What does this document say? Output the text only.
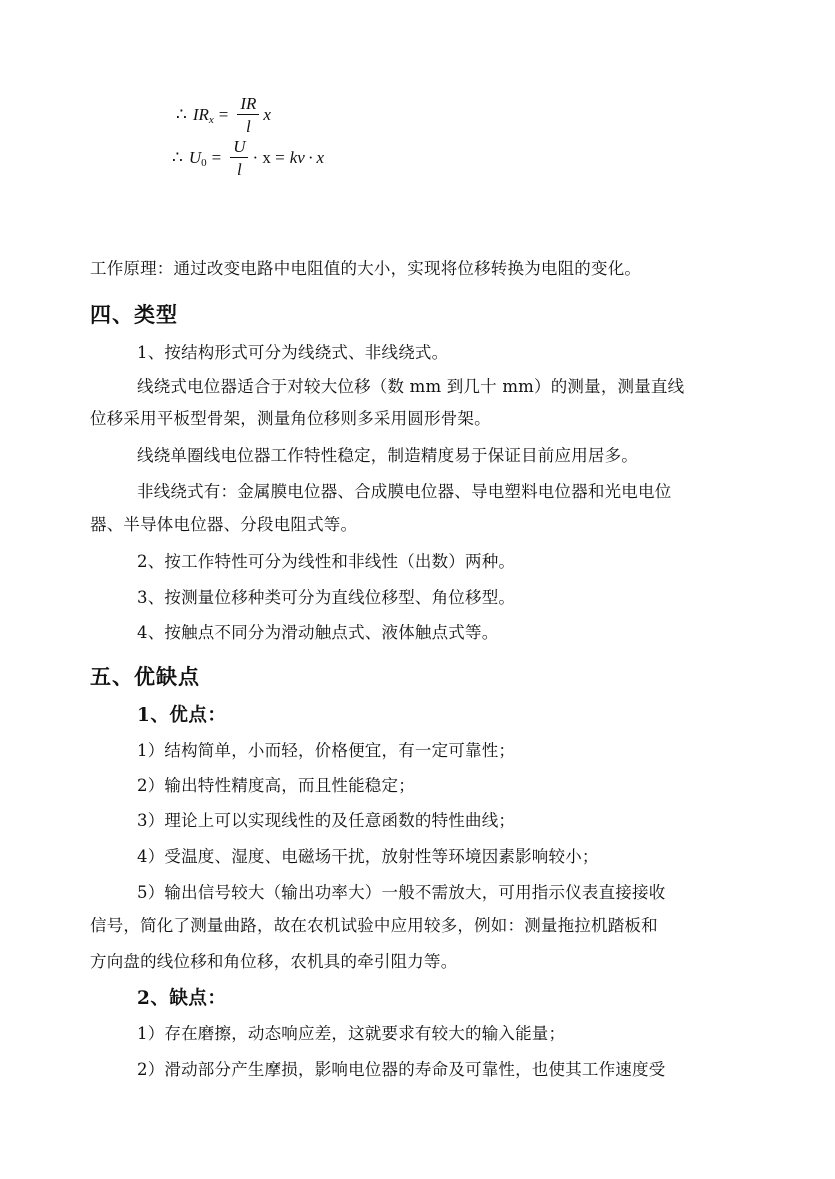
∴ I R $x = \frac{IR}{l}$ x
∴ U $0 = \frac{U}{l} \cdot x$ = kv · x
工作原理：通过改变电路中电阻值的大小，实现将位移转换为电阻的变化。
四、类型
1、按结构形式可分为线绕式、非线绕式。
线绕式电位器适合于对较大位移（数 mm 到几十 mm）的测量，测量直线
位移采用平板型骨架，测量角位移则多采用圆形骨架。
线绕单圈线电位器工作特性稳定，制造精度易于保证目前应用居多。
非线绕式有：金属膜电位器、合成膜电位器、导电塑料电位器和光电电位
器、半导体电位器、分段电阻式等。
2、按工作特性可分为线性和非线性（出数）两种。
3、按测量位移种类可分为直线位移型、角位移型。
4、按触点不同分为滑动触点式、液体触点式等。
五、优缺点
1、优点：
1）结构简单，小而轻，价格便宜，有一定可靠性；
2）输出特性精度高，而且性能稳定；
3）理论上可以实现线性的及任意函数的特性曲线；
4）受温度、湿度、电磁场干扰，放射性等环境因素影响较小；
5）输出信号较大（输出功率大）一般不需放大，可用指示仪表直接接收
信号，简化了测量曲路，故在农机试验中应用较多，例如：测量拖拉机踏板和
方向盘的线位移和角位移，农机具的牵引阻力等。
2、缺点：
1）存在磨擦，动态响应差，这就要求有较大的输入能量；
2）滑动部分产生摩损，影响电位器的寿命及可靠性，也使其工作速度受
